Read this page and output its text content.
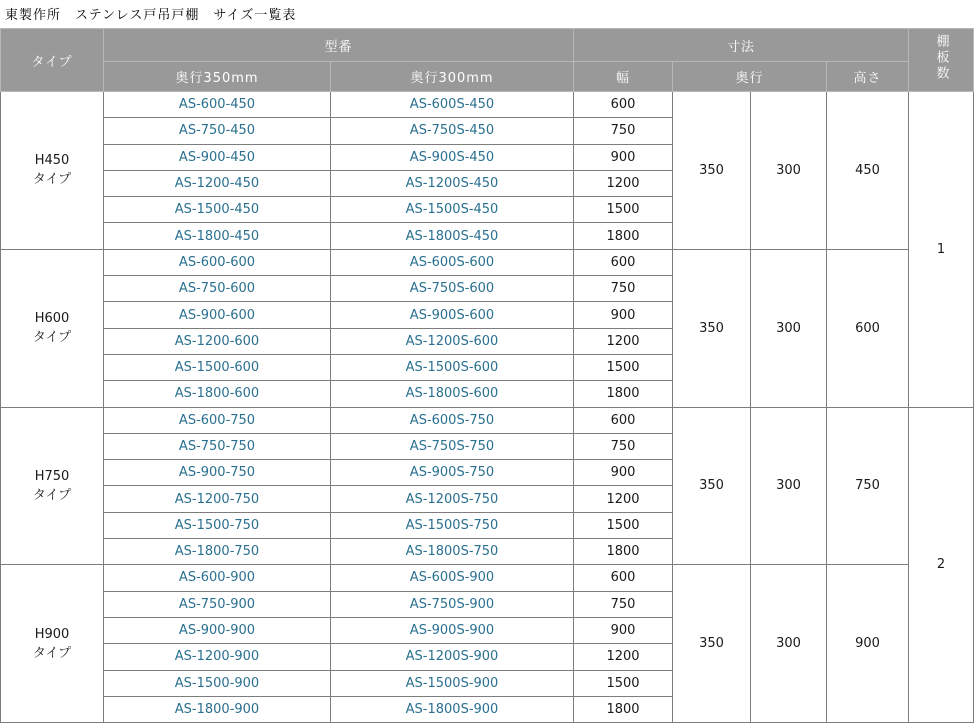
東製作所　ステンレス戸吊戸棚　サイズ一覧表
タイプ	型番		寸法				棚板数
	奥行350mm	奥行300mm	幅	奥行		高さ	

H450
タイプ	AS-600-450	AS-600S-450	600	350	300	450	1
	AS-750-450	AS-750S-450	750				
	AS-900-450	AS-900S-450	900				
	AS-1200-450	AS-1200S-450	1200				
	AS-1500-450	AS-1500S-450	1500				
	AS-1800-450	AS-1800S-450	1800				

H600
タイプ	AS-600-600	AS-600S-600	600	350	300	600	
	AS-750-600	AS-750S-600	750				
	AS-900-600	AS-900S-600	900				
	AS-1200-600	AS-1200S-600	1200				
	AS-1500-600	AS-1500S-600	1500				
	AS-1800-600	AS-1800S-600	1800				

H750
タイプ	AS-600-750	AS-600S-750	600	350	300	750	2
	AS-750-750	AS-750S-750	750				
	AS-900-750	AS-900S-750	900				
	AS-1200-750	AS-1200S-750	1200				
	AS-1500-750	AS-1500S-750	1500				
	AS-1800-750	AS-1800S-750	1800				

H900
タイプ	AS-600-900	AS-600S-900	600	350	300	900	
	AS-750-900	AS-750S-900	750				
	AS-900-900	AS-900S-900	900				
	AS-1200-900	AS-1200S-900	1200				
	AS-1500-900	AS-1500S-900	1500				
	AS-1800-900	AS-1800S-900	1800				
